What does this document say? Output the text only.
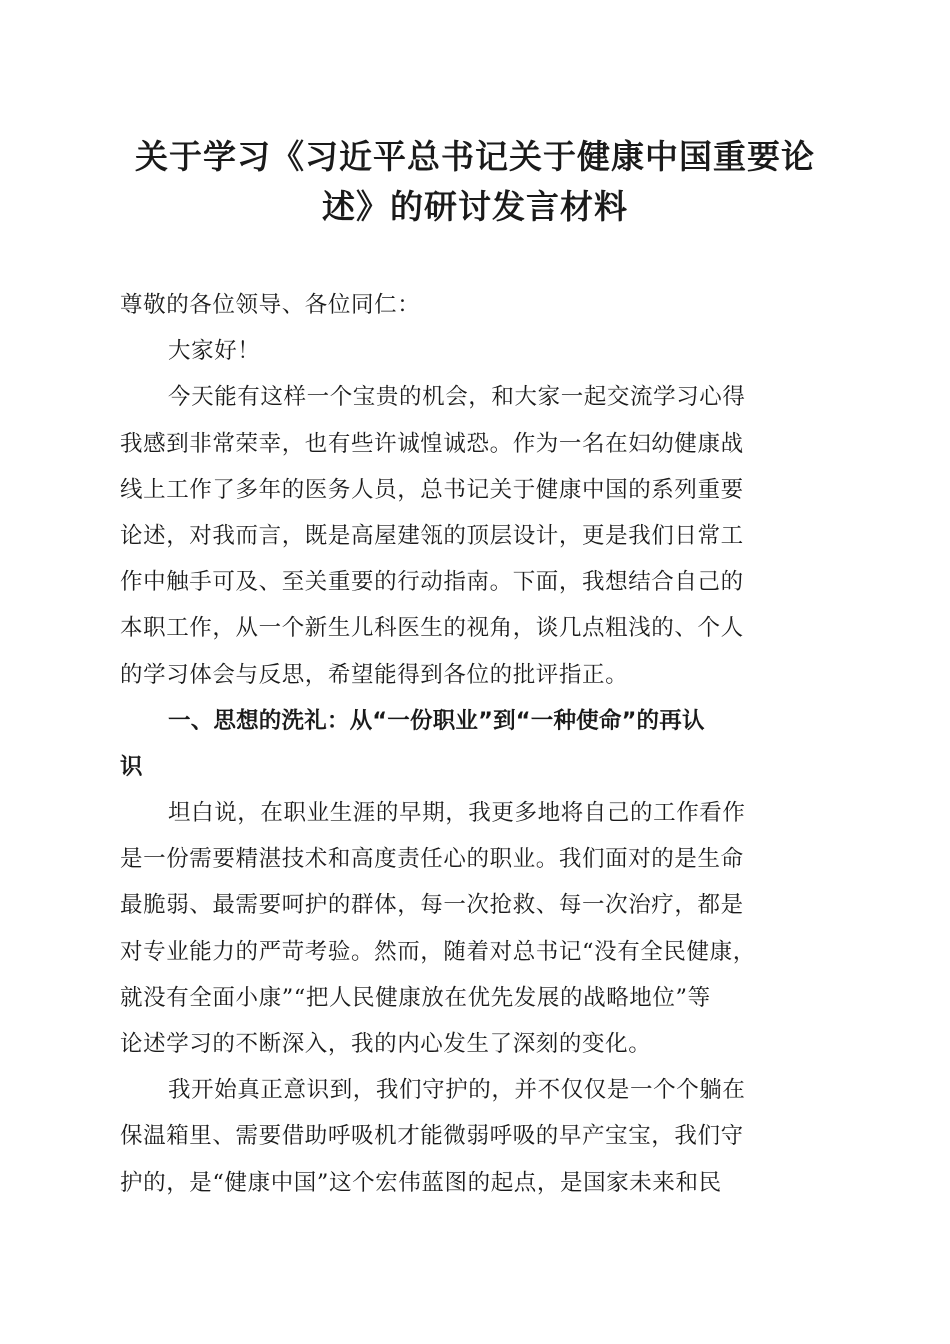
关于学习《习近平总书记关于健康中国重要论
述》的研讨发言材料
尊敬的各位领导、各位同仁：
大家好！
今天能有这样一个宝贵的机会，和大家一起交流学习心得
我感到非常荣幸，也有些许诚惶诚恐。作为一名在妇幼健康战
线上工作了多年的医务人员，总书记关于健康中国的系列重要
论述，对我而言，既是高屋建瓴的顶层设计，更是我们日常工
作中触手可及、至关重要的行动指南。下面，我想结合自己的
本职工作，从一个新生儿科医生的视角，谈几点粗浅的、个人
的学习体会与反思，希望能得到各位的批评指正。
一、思想的洗礼：从“一份职业”到“一种使命”的再认
识
坦白说，在职业生涯的早期，我更多地将自己的工作看作
是一份需要精湛技术和高度责任心的职业。我们面对的是生命
最脆弱、最需要呵护的群体，每一次抢救、每一次治疗，都是
对专业能力的严苛考验。然而，随着对总书记“没有全民健康，
就没有全面小康”“把人民健康放在优先发展的战略地位”等
论述学习的不断深入，我的内心发生了深刻的变化。
我开始真正意识到，我们守护的，并不仅仅是一个个躺在
保温箱里、需要借助呼吸机才能微弱呼吸的早产宝宝，我们守
护的，是“健康中国”这个宏伟蓝图的起点，是国家未来和民
